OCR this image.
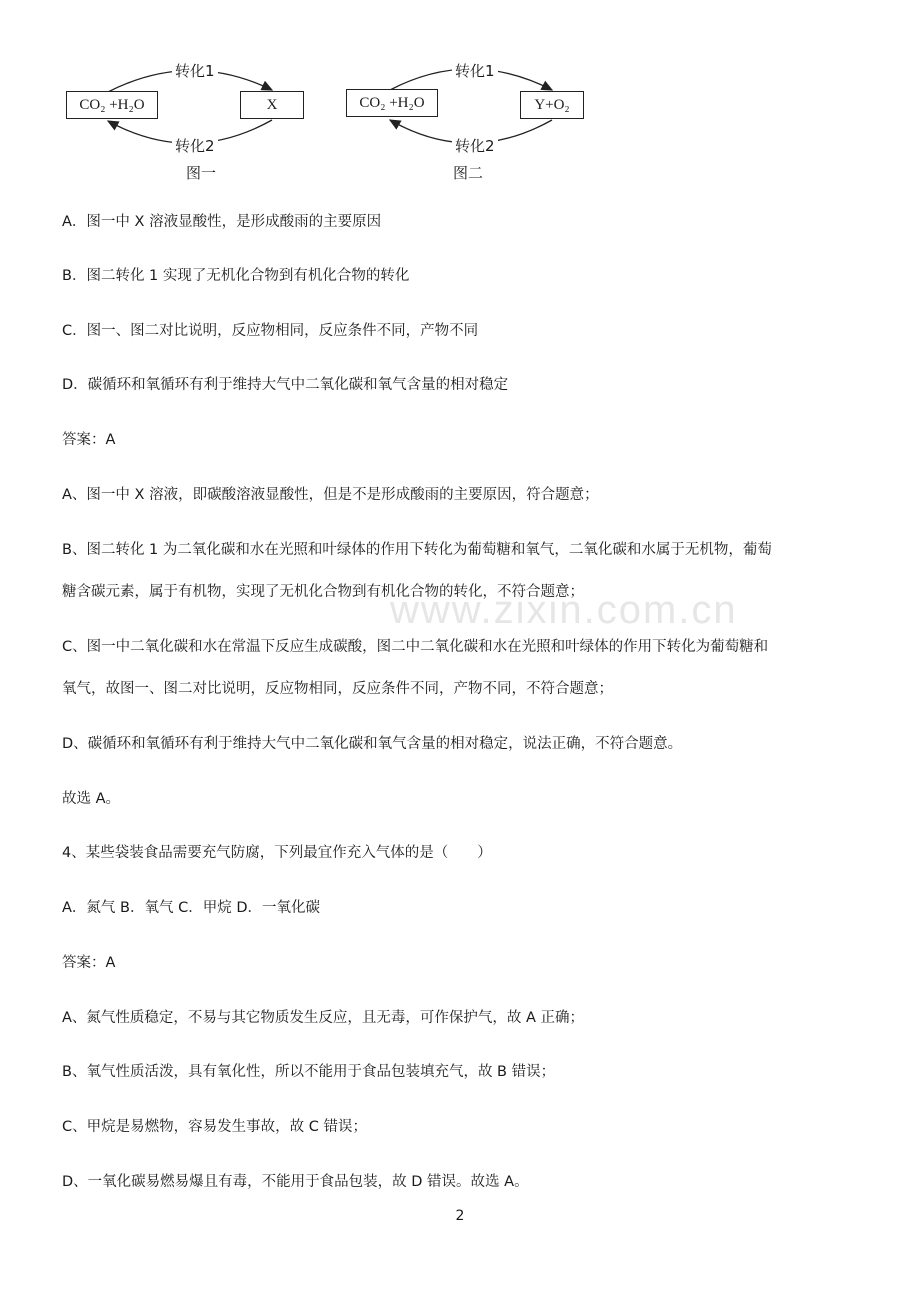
CO₂ +H₂O	X
转化1
转化2
图一
CO₂ +H₂O	Y+O₂
转化1
转化2
图二
www.zixin.com.cn
A．图一中 X 溶液显酸性，是形成酸雨的主要原因
B．图二转化 1 实现了无机化合物到有机化合物的转化
C．图一、图二对比说明，反应物相同，反应条件不同，产物不同
D．碳循环和氧循环有利于维持大气中二氧化碳和氧气含量的相对稳定
答案：A
A、图一中 X 溶液，即碳酸溶液显酸性，但是不是形成酸雨的主要原因，符合题意；
B、图二转化 1 为二氧化碳和水在光照和叶绿体的作用下转化为葡萄糖和氧气，二氧化碳和水属于无机物，葡萄
糖含碳元素，属于有机物，实现了无机化合物到有机化合物的转化，不符合题意；
C、图一中二氧化碳和水在常温下反应生成碳酸，图二中二氧化碳和水在光照和叶绿体的作用下转化为葡萄糖和
氧气，故图一、图二对比说明，反应物相同，反应条件不同，产物不同，不符合题意；
D、碳循环和氧循环有利于维持大气中二氧化碳和氧气含量的相对稳定，说法正确，不符合题意。
故选 A。
4、某些袋装食品需要充气防腐，下列最宜作充入气体的是（　　）
A．氮气 B．氧气 C．甲烷 D．一氧化碳
答案：A
A、氮气性质稳定，不易与其它物质发生反应，且无毒，可作保护气，故 A 正确；
B、氧气性质活泼，具有氧化性，所以不能用于食品包装填充气，故 B 错误；
C、甲烷是易燃物，容易发生事故，故 C 错误；
D、一氧化碳易燃易爆且有毒，不能用于食品包装，故 D 错误。故选 A。
2
